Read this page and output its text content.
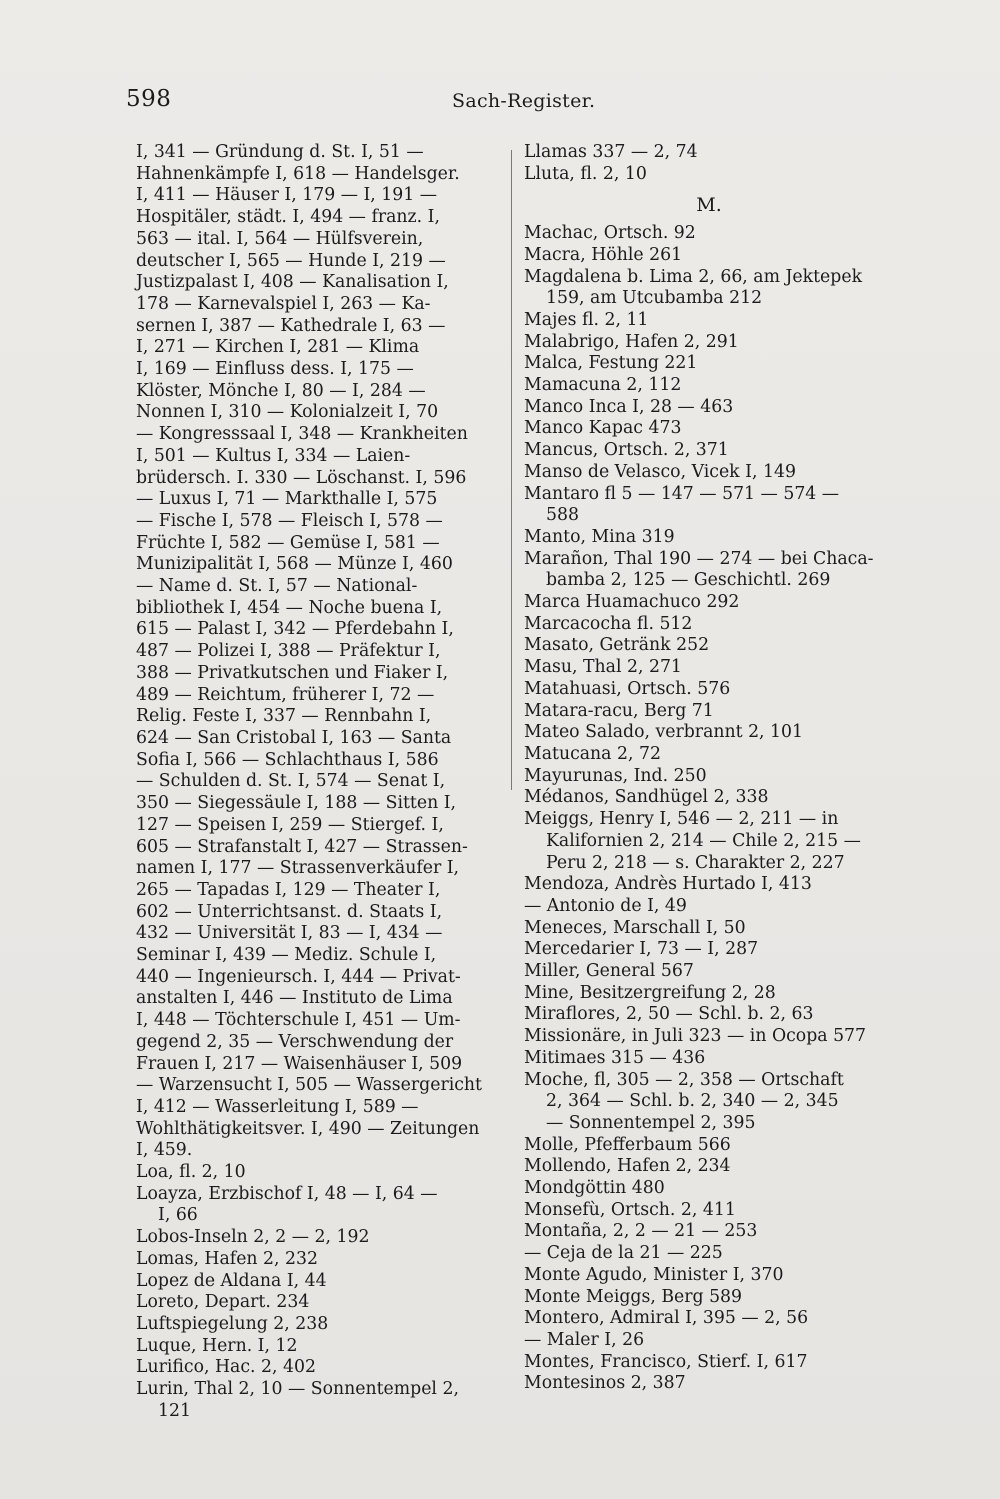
598	Sach-Register.
I, 341 — Gründung d. St. I, 51 —
Hahnenkämpfe I, 618 — Handelsger.
I, 411 — Häuser I, 179 — I, 191 —
Hospitäler, städt. I, 494 — franz. I,
563 — ital. I, 564 — Hülfsverein,
deutscher I, 565 — Hunde I, 219 —
Justizpalast I, 408 — Kanalisation I,
178 — Karnevalspiel I, 263 — Ka-
sernen I, 387 — Kathedrale I, 63 —
I, 271 — Kirchen I, 281 — Klima
I, 169 — Einfluss dess. I, 175 —
Klöster, Mönche I, 80 — I, 284 —
Nonnen I, 310 — Kolonialzeit I, 70
— Kongresssaal I, 348 — Krankheiten
I, 501 — Kultus I, 334 — Laien-
brüdersch. I. 330 — Löschanst. I, 596
— Luxus I, 71 — Markthalle I, 575
— Fische I, 578 — Fleisch I, 578 —
Früchte I, 582 — Gemüse I, 581 —
Munizipalität I, 568 — Münze I, 460
— Name d. St. I, 57 — National-
bibliothek I, 454 — Noche buena I,
615 — Palast I, 342 — Pferdebahn I,
487 — Polizei I, 388 — Präfektur I,
388 — Privatkutschen und Fiaker I,
489 — Reichtum, früherer I, 72 —
Relig. Feste I, 337 — Rennbahn I,
624 — San Cristobal I, 163 — Santa
Sofia I, 566 — Schlachthaus I, 586
— Schulden d. St. I, 574 — Senat I,
350 — Siegessäule I, 188 — Sitten I,
127 — Speisen I, 259 — Stiergef. I,
605 — Strafanstalt I, 427 — Strassen-
namen I, 177 — Strassenverkäufer I,
265 — Tapadas I, 129 — Theater I,
602 — Unterrichtsanst. d. Staats I,
432 — Universität I, 83 — I, 434 —
Seminar I, 439 — Mediz. Schule I,
440 — Ingenieursch. I, 444 — Privat-
anstalten I, 446 — Instituto de Lima
I, 448 — Töchterschule I, 451 — Um-
gegend 2, 35 — Verschwendung der
Frauen I, 217 — Waisenhäuser I, 509
— Warzensucht I, 505 — Wassergericht
I, 412 — Wasserleitung I, 589 —
Wohlthätigkeitsver. I, 490 — Zeitungen
I, 459.
Loa, fl. 2, 10
Loayza, Erzbischof I, 48 — I, 64 —
I, 66
Lobos-Inseln 2, 2 — 2, 192
Lomas, Hafen 2, 232
Lopez de Aldana I, 44
Loreto, Depart. 234
Luftspiegelung 2, 238
Luque, Hern. I, 12
Lurifico, Hac. 2, 402
Lurin, Thal 2, 10 — Sonnentempel 2,
121
Llamas 337 — 2, 74
Lluta, fl. 2, 10
M.
Machac, Ortsch. 92
Macra, Höhle 261
Magdalena b. Lima 2, 66, am Jektepek
159, am Utcubamba 212
Majes fl. 2, 11
Malabrigo, Hafen 2, 291
Malca, Festung 221
Mamacuna 2, 112
Manco Inca I, 28 — 463
Manco Kapac 473
Mancus, Ortsch. 2, 371
Manso de Velasco, Vicek I, 149
Mantaro fl 5 — 147 — 571 — 574 —
588
Manto, Mina 319
Marañon, Thal 190 — 274 — bei Chaca-
bamba 2, 125 — Geschichtl. 269
Marca Huamachuco 292
Marcacocha fl. 512
Masato, Getränk 252
Masu, Thal 2, 271
Matahuasi, Ortsch. 576
Matara-racu, Berg 71
Mateo Salado, verbrannt 2, 101
Matucana 2, 72
Mayurunas, Ind. 250
Médanos, Sandhügel 2, 338
Meiggs, Henry I, 546 — 2, 211 — in
Kalifornien 2, 214 — Chile 2, 215 —
Peru 2, 218 — s. Charakter 2, 227
Mendoza, Andrès Hurtado I, 413
— Antonio de I, 49
Meneces, Marschall I, 50
Mercedarier I, 73 — I, 287
Miller, General 567
Mine, Besitzergreifung 2, 28
Miraflores, 2, 50 — Schl. b. 2, 63
Missionäre, in Juli 323 — in Ocopa 577
Mitimaes 315 — 436
Moche, fl, 305 — 2, 358 — Ortschaft
2, 364 — Schl. b. 2, 340 — 2, 345
— Sonnentempel 2, 395
Molle, Pfefferbaum 566
Mollendo, Hafen 2, 234
Mondgöttin 480
Monsefù, Ortsch. 2, 411
Montaña, 2, 2 — 21 — 253
— Ceja de la 21 — 225
Monte Agudo, Minister I, 370
Monte Meiggs, Berg 589
Montero, Admiral I, 395 — 2, 56
— Maler I, 26
Montes, Francisco, Stierf. I, 617
Montesinos 2, 387
